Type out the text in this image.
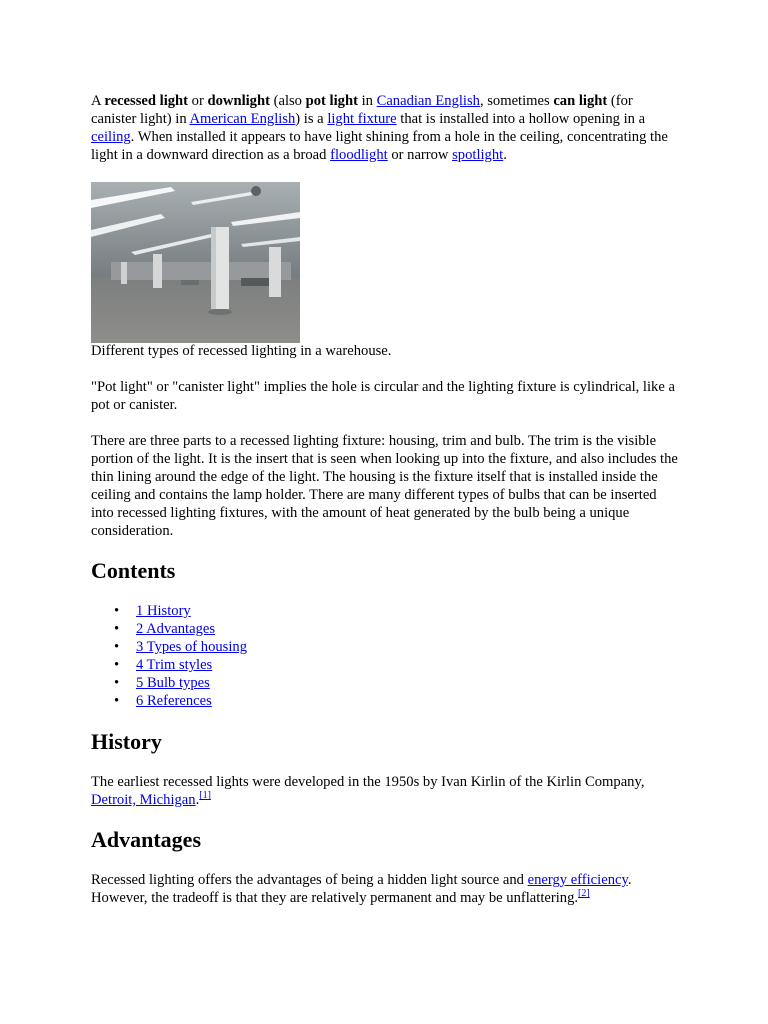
A recessed light or downlight (also pot light in Canadian English, sometimes can light (for canister light) in American English) is a light fixture that is installed into a hollow opening in a ceiling. When installed it appears to have light shining from a hole in the ceiling, concentrating the light in a downward direction as a broad floodlight or narrow spotlight.

Different types of recessed lighting in a warehouse.

"Pot light" or "canister light" implies the hole is circular and the lighting fixture is cylindrical, like a pot or canister.

There are three parts to a recessed lighting fixture: housing, trim and bulb. The trim is the visible portion of the light. It is the insert that is seen when looking up into the fixture, and also includes the thin lining around the edge of the light. The housing is the fixture itself that is installed inside the ceiling and contains the lamp holder. There are many different types of bulbs that can be inserted into recessed lighting fixtures, with the amount of heat generated by the bulb being a unique consideration.

Contents
• 1 History
• 2 Advantages
• 3 Types of housing
• 4 Trim styles
• 5 Bulb types
• 6 References
History

The earliest recessed lights were developed in the 1950s by Ivan Kirlin of the Kirlin Company, Detroit, Michigan.[1]

Advantages

Recessed lighting offers the advantages of being a hidden light source and energy efficiency. However, the tradeoff is that they are relatively permanent and may be unflattering.[2]
